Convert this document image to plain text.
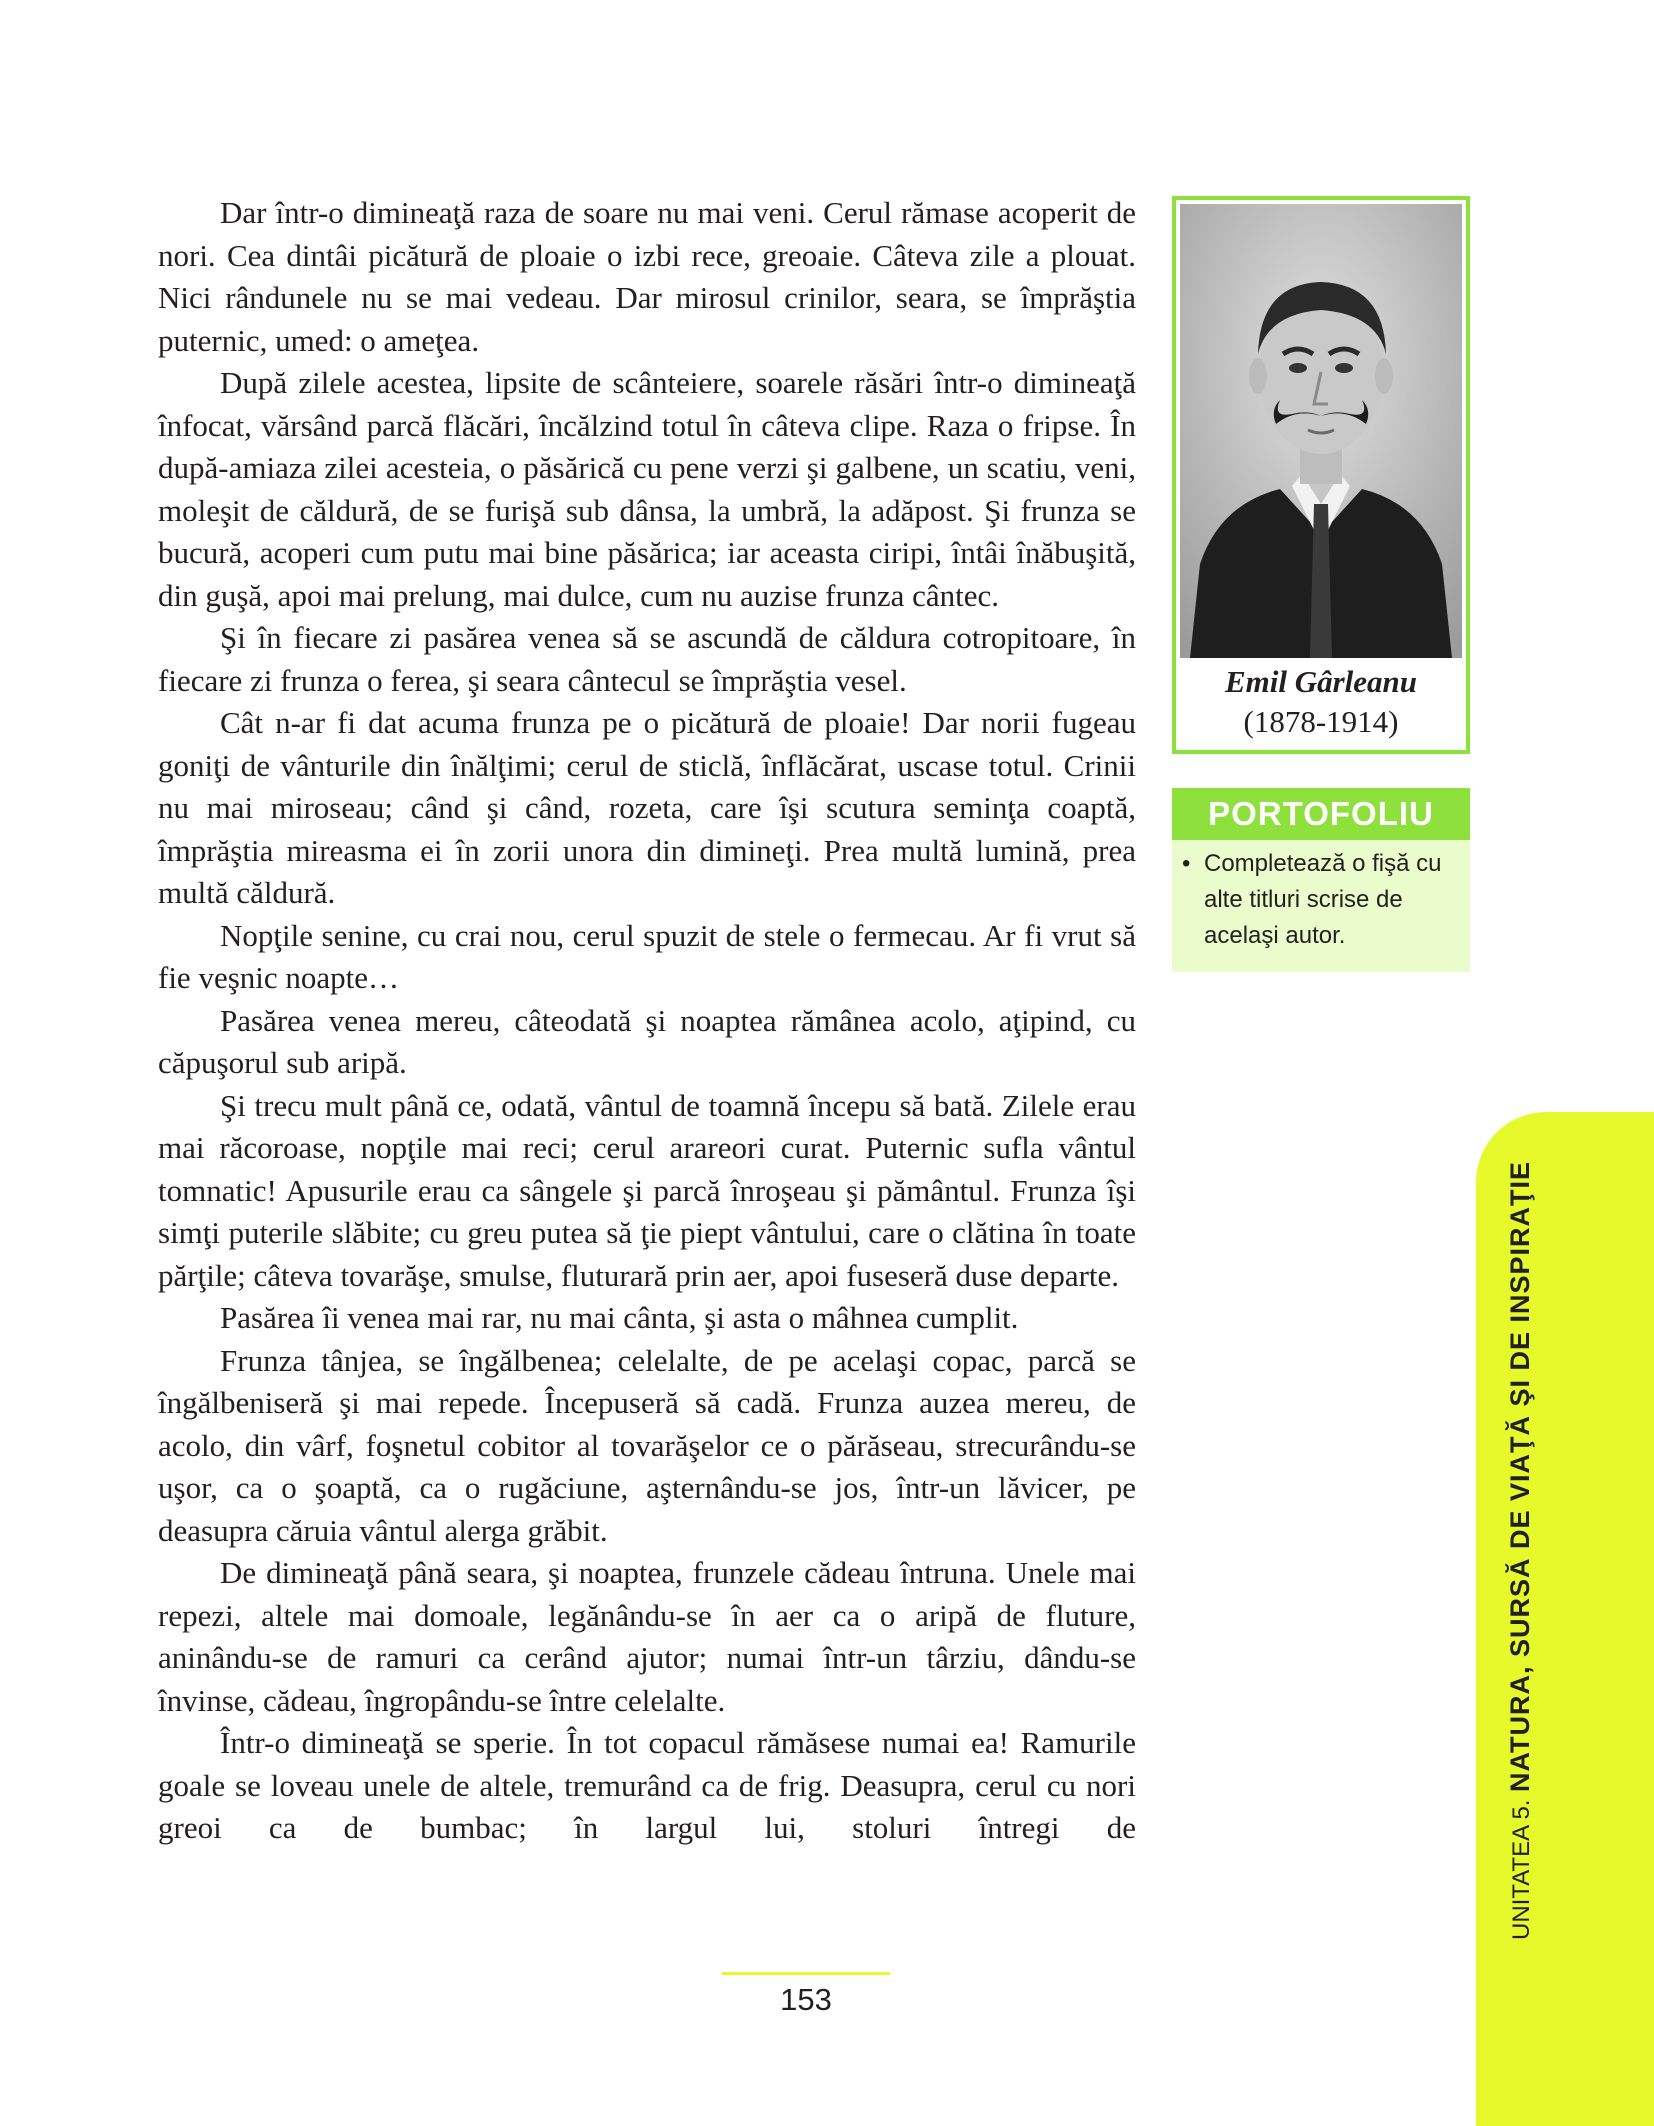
Dar într-o dimineaţă raza de soare nu mai veni. Cerul rămase acoperit de nori. Cea dintâi picătură de ploaie o izbi rece, greoaie. Câteva zile a plouat. Nici rândunele nu se mai vedeau. Dar mirosul crinilor, seara, se împrăştia puternic, umed: o ameţea.

După zilele acestea, lipsite de scânteiere, soarele răsări într-o dimineaţă înfocat, vărsând parcă flăcări, încălzind totul în câteva clipe. Raza o fripse. În după-amiaza zilei acesteia, o păsărică cu pene verzi şi galbene, un scatiu, veni, moleşit de căldură, de se furişă sub dânsa, la umbră, la adăpost. Şi frunza se bucură, acoperi cum putu mai bine păsărica; iar aceasta ciripi, întâi înăbuşită, din guşă, apoi mai prelung, mai dulce, cum nu auzise frunza cântec.

Şi în fiecare zi pasărea venea să se ascundă de căldura cotropitoare, în fiecare zi frunza o ferea, şi seara cântecul se împrăştia vesel.

Cât n-ar fi dat acuma frunza pe o picătură de ploaie! Dar norii fugeau goniţi de vânturile din înălţimi; cerul de sticlă, înflăcărat, uscase totul. Crinii nu mai miroseau; când şi când, rozeta, care îşi scutura seminţa coaptă, împrăştia mireasma ei în zorii unora din dimineţi. Prea multă lumină, prea multă căldură.

Nopţile senine, cu crai nou, cerul spuzit de stele o fermecau. Ar fi vrut să fie veşnic noapte…

Pasărea venea mereu, câteodată şi noaptea rămânea acolo, aţipind, cu căpuşorul sub aripă.

Şi trecu mult până ce, odată, vântul de toamnă începu să bată. Zilele erau mai răcoroase, nopţile mai reci; cerul arareori curat. Puternic sufla vântul tomnatic! Apusurile erau ca sângele şi parcă înroşeau şi pământul. Frunza îşi simţi puterile slăbite; cu greu putea să ţie piept vântului, care o clătina în toate părţile; câteva tovarăşe, smulse, fluturară prin aer, apoi fuseseră duse departe.

Pasărea îi venea mai rar, nu mai cânta, şi asta o mâhnea cumplit.

Frunza tânjea, se îngălbenea; celelalte, de pe acelaşi copac, parcă se îngălbeniseră şi mai repede. Începuseră să cadă. Frunza auzea mereu, de acolo, din vârf, foşnetul cobitor al tovarăşelor ce o părăseau, strecurându-se uşor, ca o şoaptă, ca o rugăciune, aşternându-se jos, într-un lăvicer, pe deasupra căruia vântul alerga grăbit.

De dimineaţă până seara, şi noaptea, frunzele cădeau întruna. Unele mai repezi, altele mai domoale, legănându-se în aer ca o aripă de fluture, aninându-se de ramuri ca cerând ajutor; numai într-un târziu, dându-se învinse, cădeau, îngropându-se între celelalte.

Într-o dimineaţă se sperie. În tot copacul rămăsese numai ea! Ramurile goale se loveau unele de altele, tremurând ca de frig. Deasupra, cerul cu nori greoi ca de bumbac; în largul lui, stoluri întregi de

Emil Gârleanu
(1878-1914)
PORTOFOLIU
• Completează o fişă cu alte titluri scrise de acelaşi autor.
UNITATEA 5. NATURA, SURSĂ DE VIAŢĂ ŞI DE INSPIRAŢIE
153
